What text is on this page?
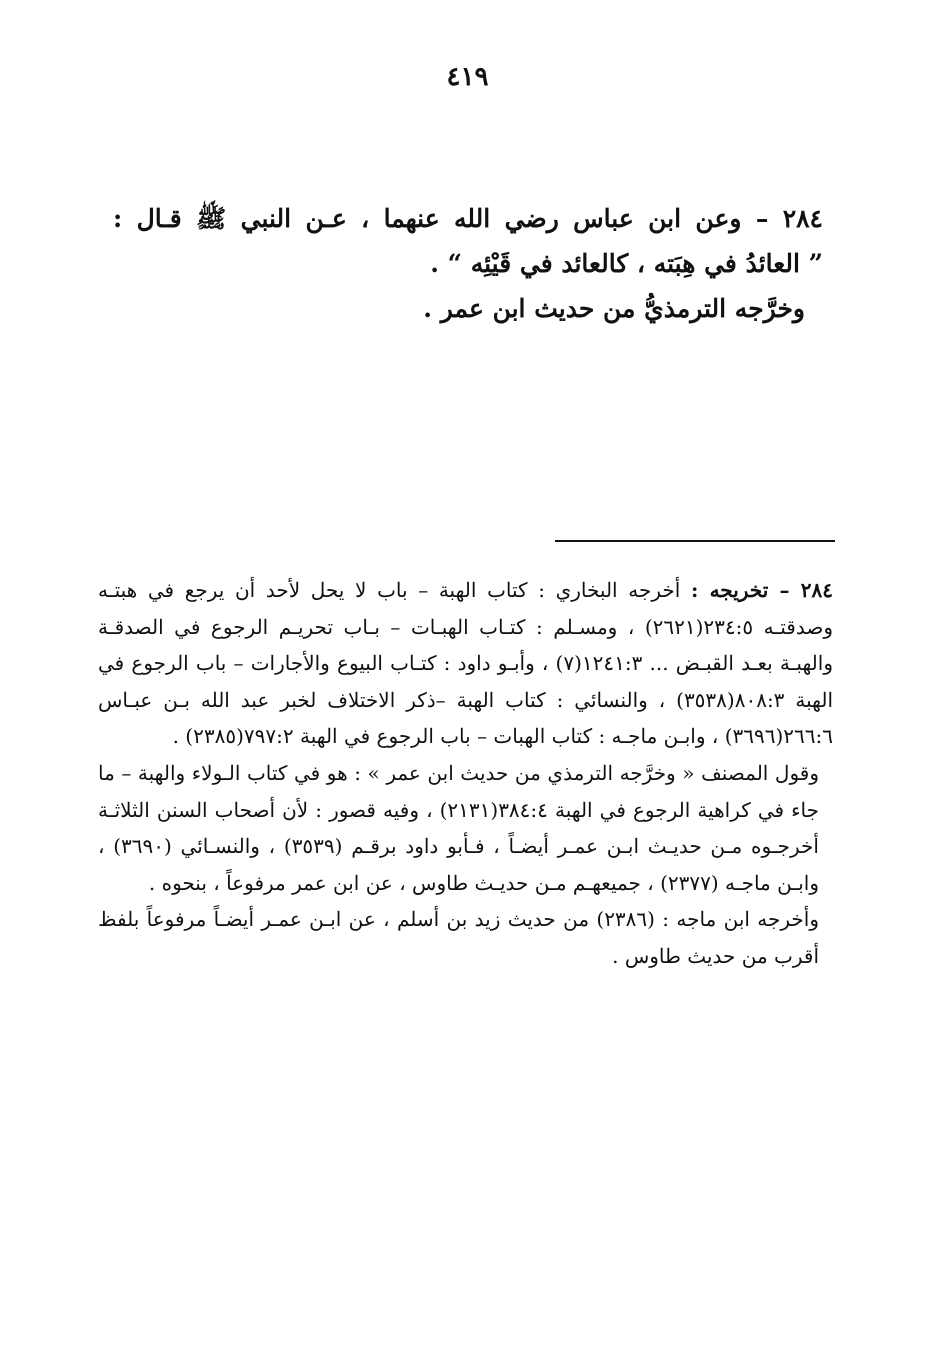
٤١٩

٢٨٤ – وعن ابن عباس رضي الله عنهما ، عـن النبي ﷺ قـال :

” العائدُ في هِبَته ، كالعائد في قَيْئِه “ .

وخرَّجه الترمذيُّ من حديث ابن عمر .

٢٨٤ – تخريجه : أخرجه البخاري : كتاب الهبة – باب لا يحل لأحد أن يرجع في هبتـه وصدقتـه ٢٣٤:٥(٢٦٢١) ، ومسـلم : كتـاب الهبـات – بـاب تحريـم الرجوع في الصدقـة والهبـة بعـد القبـض ... ١٢٤١:٣(٧) ، وأبـو داود : كتـاب البيوع والأجارات – باب الرجوع في الهبة ٨٠٨:٣(٣٥٣٨) ، والنسائي : كتاب الهبة –ذكر الاختلاف لخبر عبد الله بـن عبـاس ٢٦٦:٦(٣٦٩٦) ، وابـن ماجـه : كتاب الهبات – باب الرجوع في الهبة ٧٩٧:٢(٢٣٨٥) .

وقول المصنف « وخرَّجه الترمذي من حديث ابن عمر » : هو في كتاب الـولاء والهبة – ما جاء في كراهية الرجوع في الهبة ٣٨٤:٤(٢١٣١) ، وفيه قصور : لأن أصحاب السنن الثلاثـة أخرجـوه مـن حديـث ابـن عمـر أيضـاً ، فـأبو داود برقـم (٣٥٣٩) ، والنسـائي (٣٦٩٠) ، وابـن ماجـه (٢٣٧٧) ، جميعهـم مـن حديـث طاوس ، عن ابن عمر مرفوعاً ، بنحوه .

وأخرجه ابن ماجه : (٢٣٨٦) من حديث زيد بن أسلم ، عن ابـن عمـر أيضـاً مرفوعاً بلفظ أقرب من حديث طاوس .
